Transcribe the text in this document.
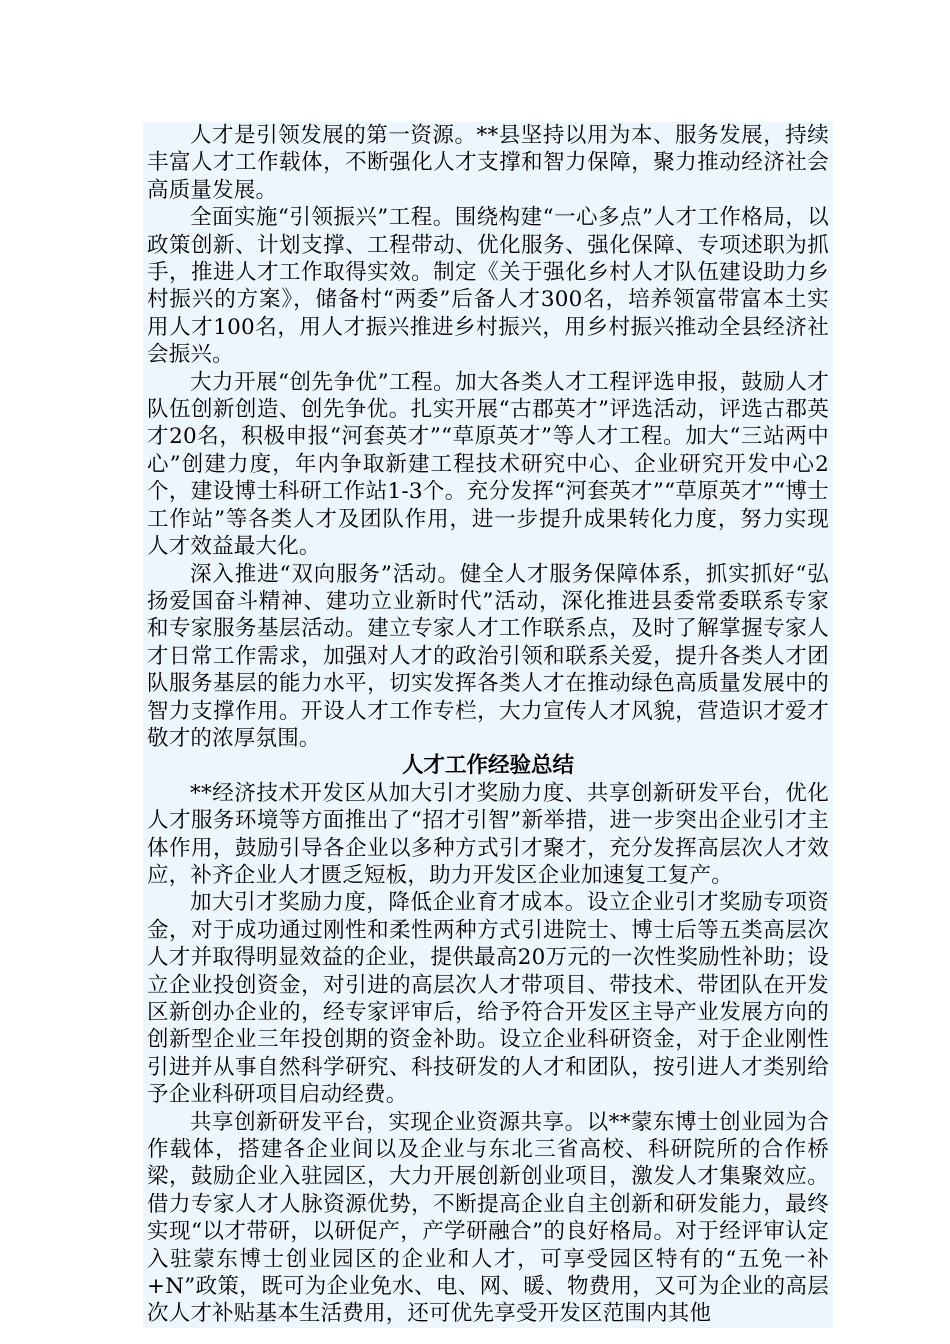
人才是引领发展的第一资源。**县坚持以用为本、服务发展，持续丰富人才工作载体，不断强化人才支撑和智力保障，聚力推动经济社会高质量发展。

全面实施“引领振兴”工程。围绕构建“一心多点”人才工作格局，以政策创新、计划支撑、工程带动、优化服务、强化保障、专项述职为抓手，推进人才工作取得实效。制定《关于强化乡村人才队伍建设助力乡村振兴的方案》，储备村“两委”后备人才300名，培养领富带富本土实用人才100名，用人才振兴推进乡村振兴，用乡村振兴推动全县经济社会振兴。

大力开展“创先争优”工程。加大各类人才工程评选申报，鼓励人才队伍创新创造、创先争优。扎实开展“古郡英才”评选活动，评选古郡英才20名，积极申报“河套英才”“草原英才”等人才工程。加大“三站两中心”创建力度，年内争取新建工程技术研究中心、企业研究开发中心2个，建设博士科研工作站1-3个。充分发挥“河套英才”“草原英才”“博士工作站”等各类人才及团队作用，进一步提升成果转化力度，努力实现人才效益最大化。

深入推进“双向服务”活动。健全人才服务保障体系，抓实抓好“弘扬爱国奋斗精神、建功立业新时代”活动，深化推进县委常委联系专家和专家服务基层活动。建立专家人才工作联系点，及时了解掌握专家人才日常工作需求，加强对人才的政治引领和联系关爱，提升各类人才团队服务基层的能力水平，切实发挥各类人才在推动绿色高质量发展中的智力支撑作用。开设人才工作专栏，大力宣传人才风貌，营造识才爱才敬才的浓厚氛围。

人才工作经验总结

**经济技术开发区从加大引才奖励力度、共享创新研发平台，优化人才服务环境等方面推出了“招才引智”新举措，进一步突出企业引才主体作用，鼓励引导各企业以多种方式引才聚才，充分发挥高层次人才效应，补齐企业人才匮乏短板，助力开发区企业加速复工复产。

加大引才奖励力度，降低企业育才成本。设立企业引才奖励专项资金，对于成功通过刚性和柔性两种方式引进院士、博士后等五类高层次人才并取得明显效益的企业，提供最高20万元的一次性奖励性补助；设立企业投创资金，对引进的高层次人才带项目、带技术、带团队在开发区新创办企业的，经专家评审后，给予符合开发区主导产业发展方向的创新型企业三年投创期的资金补助。设立企业科研资金，对于企业刚性引进并从事自然科学研究、科技研发的人才和团队，按引进人才类别给予企业科研项目启动经费。

共享创新研发平台，实现企业资源共享。以**蒙东博士创业园为合作载体，搭建各企业间以及企业与东北三省高校、科研院所的合作桥梁，鼓励企业入驻园区，大力开展创新创业项目，激发人才集聚效应。借力专家人才人脉资源优势，不断提高企业自主创新和研发能力，最终实现“以才带研，以研促产，产学研融合”的良好格局。对于经评审认定入驻蒙东博士创业园区的企业和人才，可享受园区特有的“五免一补+N”政策，既可为企业免水、电、网、暖、物费用，又可为企业的高层次人才补贴基本生活费用，还可优先享受开发区范围内其他
